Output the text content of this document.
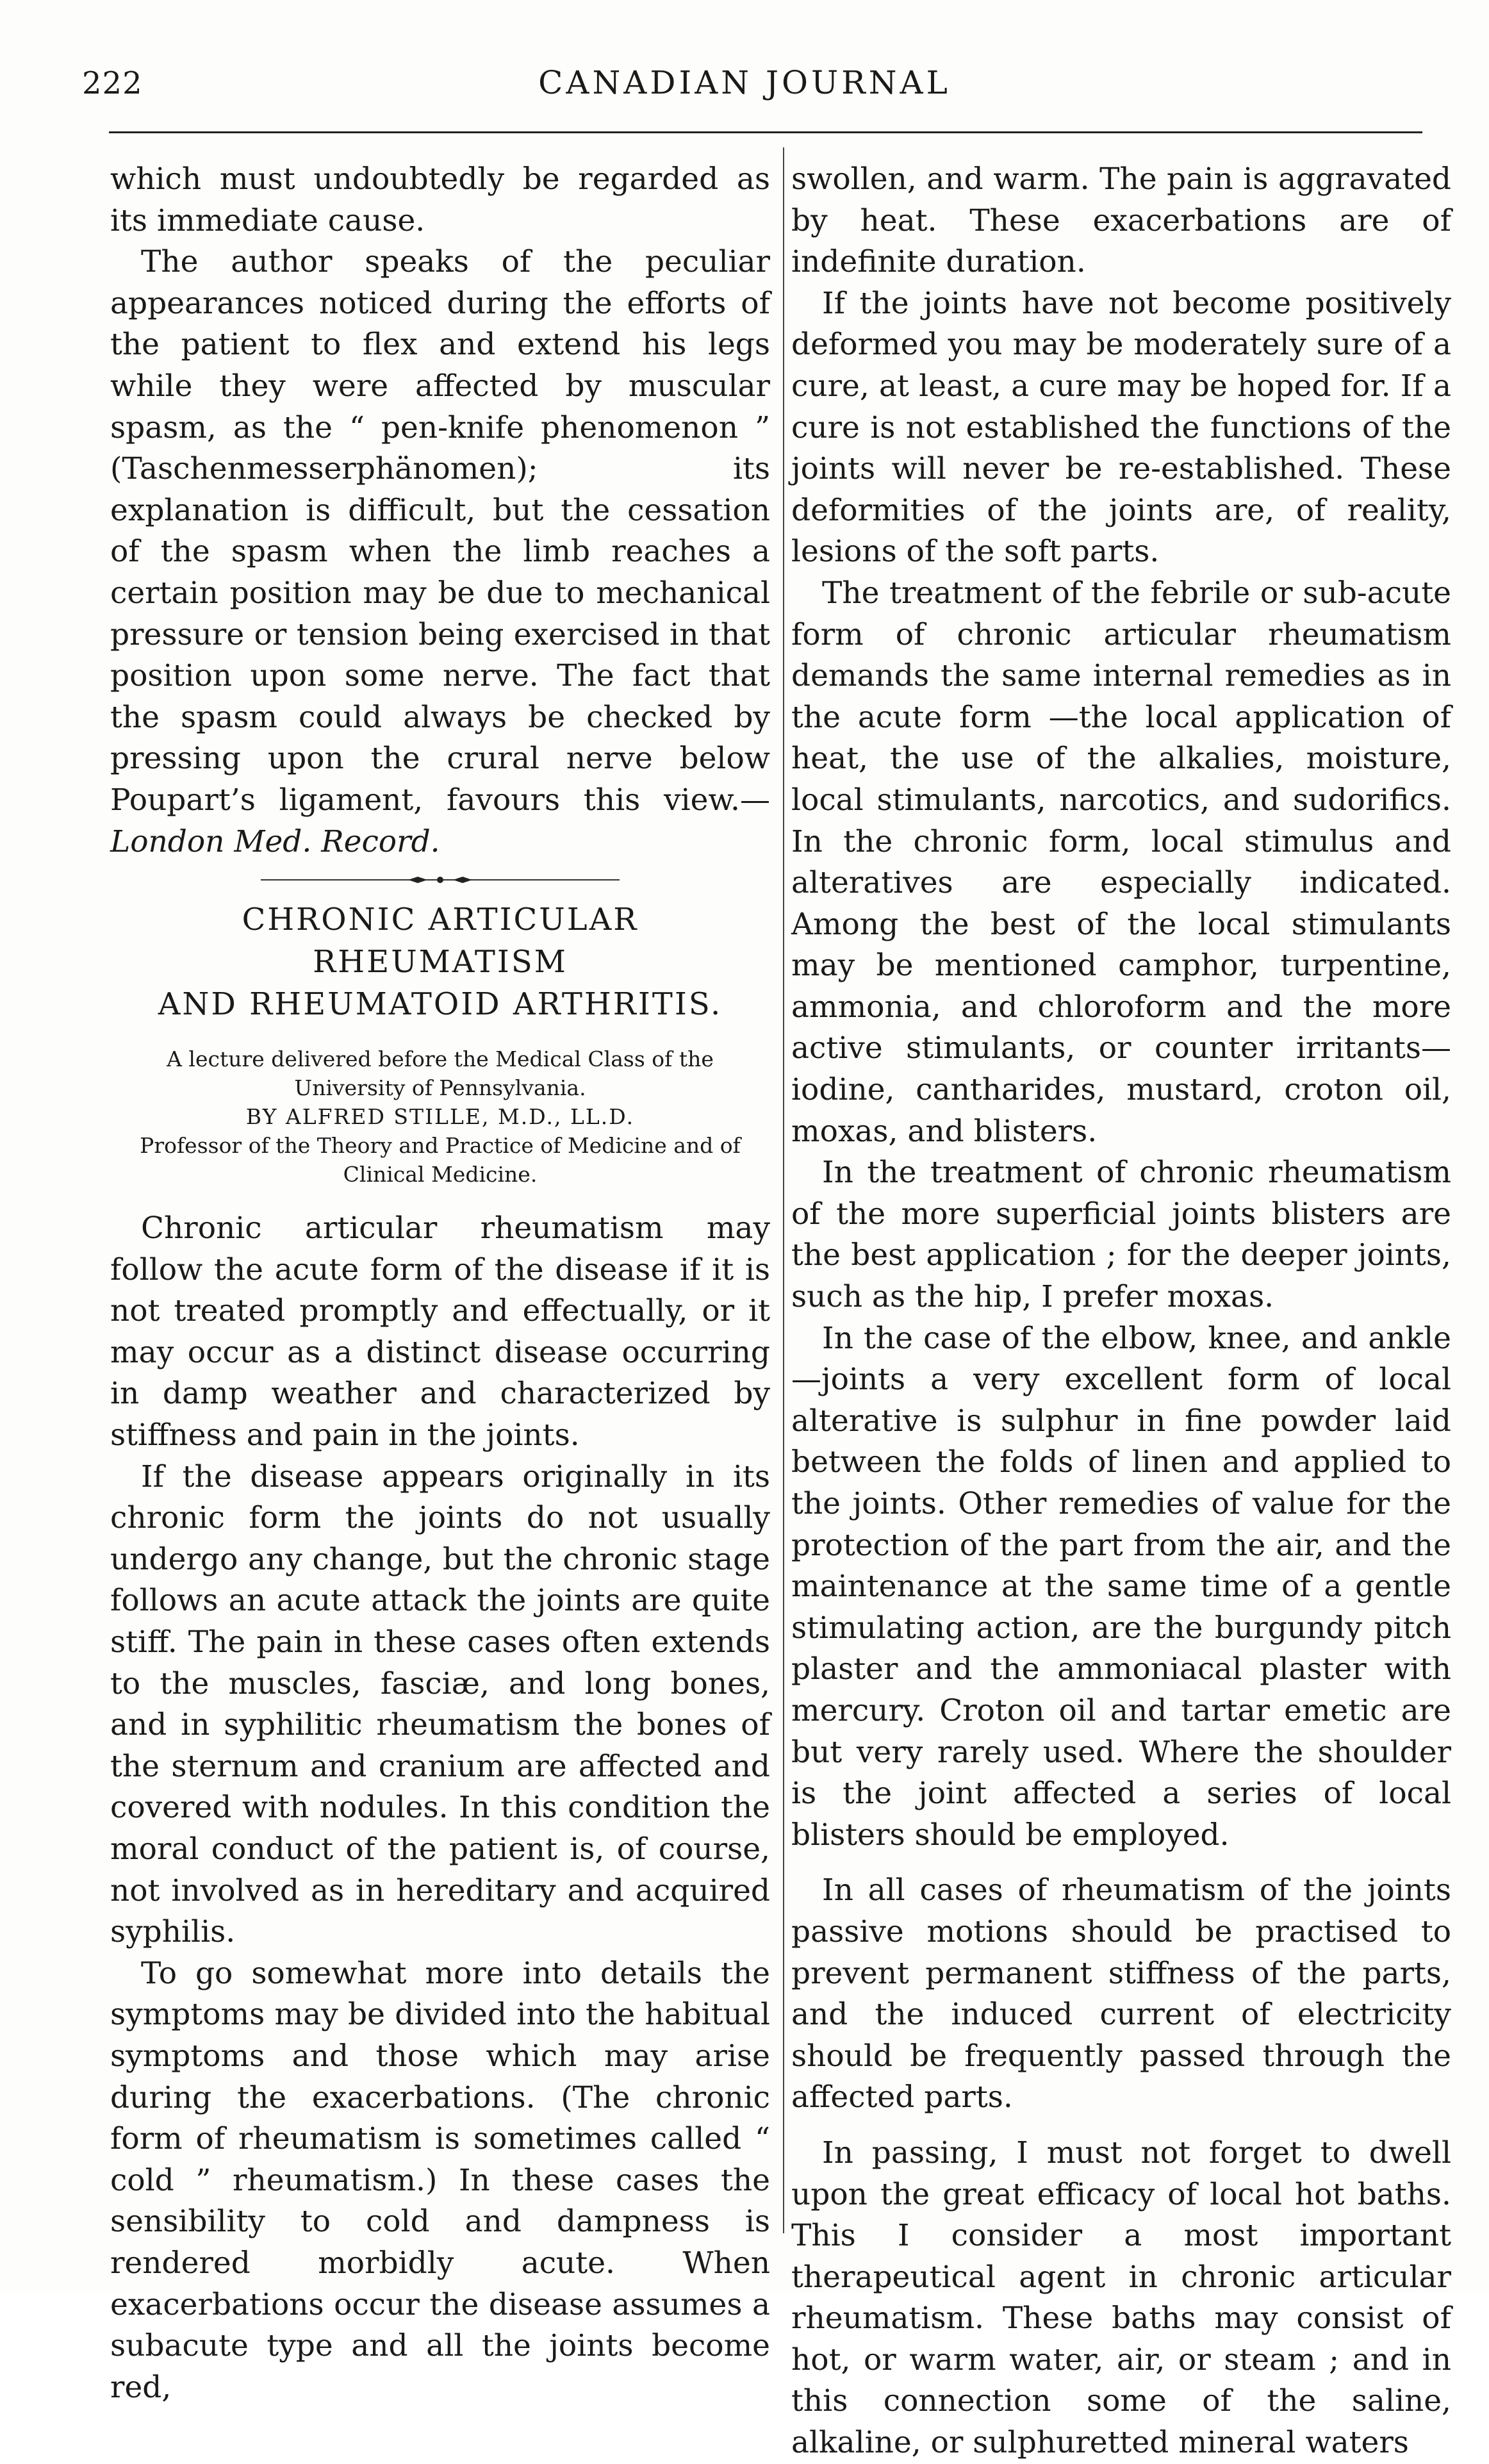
222	CANADIAN JOURNAL

which must undoubtedly be regarded as its immediate cause.

The author speaks of the peculiar appearances noticed during the efforts of the patient to flex and extend his legs while they were affected by muscular spasm, as the “ pen-knife phenomenon ” (Taschenmesserphänomen); its explanation is difficult, but the cessation of the spasm when the limb reaches a certain position may be due to mechanical pressure or tension being exercised in that position upon some nerve. The fact that the spasm could always be checked by pressing upon the crural nerve below Poupart’s ligament, favours this view.— London Med. Record.

CHRONIC ARTICULAR RHEUMATISM
AND RHEUMATOID ARTHRITIS.

A lecture delivered before the Medical Class of the University of Pennsylvania.

BY ALFRED STILLE, M.D., LL.D.

Professor of the Theory and Practice of Medicine and of Clinical Medicine.

Chronic articular rheumatism may follow the acute form of the disease if it is not treated promptly and effectually, or it may occur as a distinct disease occurring in damp weather and characterized by stiffness and pain in the joints.

If the disease appears originally in its chronic form the joints do not usually undergo any change, but the chronic stage follows an acute attack the joints are quite stiff. The pain in these cases often extends to the muscles, fasciæ, and long bones, and in syphilitic rheumatism the bones of the sternum and cranium are affected and covered with nodules. In this condition the moral conduct of the patient is, of course, not involved as in hereditary and acquired syphilis.

To go somewhat more into details the symptoms may be divided into the habitual symptoms and those which may arise during the exacerbations. (The chronic form of rheumatism is sometimes called “ cold ” rheumatism.) In these cases the sensibility to cold and dampness is rendered morbidly acute. When exacerbations occur the disease assumes a subacute type and all the joints become red,

swollen, and warm. The pain is aggravated by heat. These exacerbations are of indefinite duration.

If the joints have not become positively deformed you may be moderately sure of a cure, at least, a cure may be hoped for. If a cure is not established the functions of the joints will never be re-established. These deformities of the joints are, of reality, lesions of the soft parts.

The treatment of the febrile or sub-acute form of chronic articular rheumatism demands the same internal remedies as in the acute form —the local application of heat, the use of the alkalies, moisture, local stimulants, narcotics, and sudorifics. In the chronic form, local stimulus and alteratives are especially indicated. Among the best of the local stimulants may be mentioned camphor, turpentine, ammonia, and chloroform and the more active stimulants, or counter irritants—iodine, cantharides, mustard, croton oil, moxas, and blisters.

In the treatment of chronic rheumatism of the more superficial joints blisters are the best application ; for the deeper joints, such as the hip, I prefer moxas.

In the case of the elbow, knee, and ankle—joints a very excellent form of local alterative is sulphur in fine powder laid between the folds of linen and applied to the joints. Other remedies of value for the protection of the part from the air, and the maintenance at the same time of a gentle stimulating action, are the burgundy pitch plaster and the ammoniacal plaster with mercury. Croton oil and tartar emetic are but very rarely used. Where the shoulder is the joint affected a series of local blisters should be employed.

In all cases of rheumatism of the joints passive motions should be practised to prevent permanent stiffness of the parts, and the induced current of electricity should be frequently passed through the affected parts.

In passing, I must not forget to dwell upon the great efficacy of local hot baths. This I consider a most important therapeutical agent in chronic articular rheumatism. These baths may consist of hot, or warm water, air, or steam ; and in this connection some of the saline, alkaline, or sulphuretted mineral waters
